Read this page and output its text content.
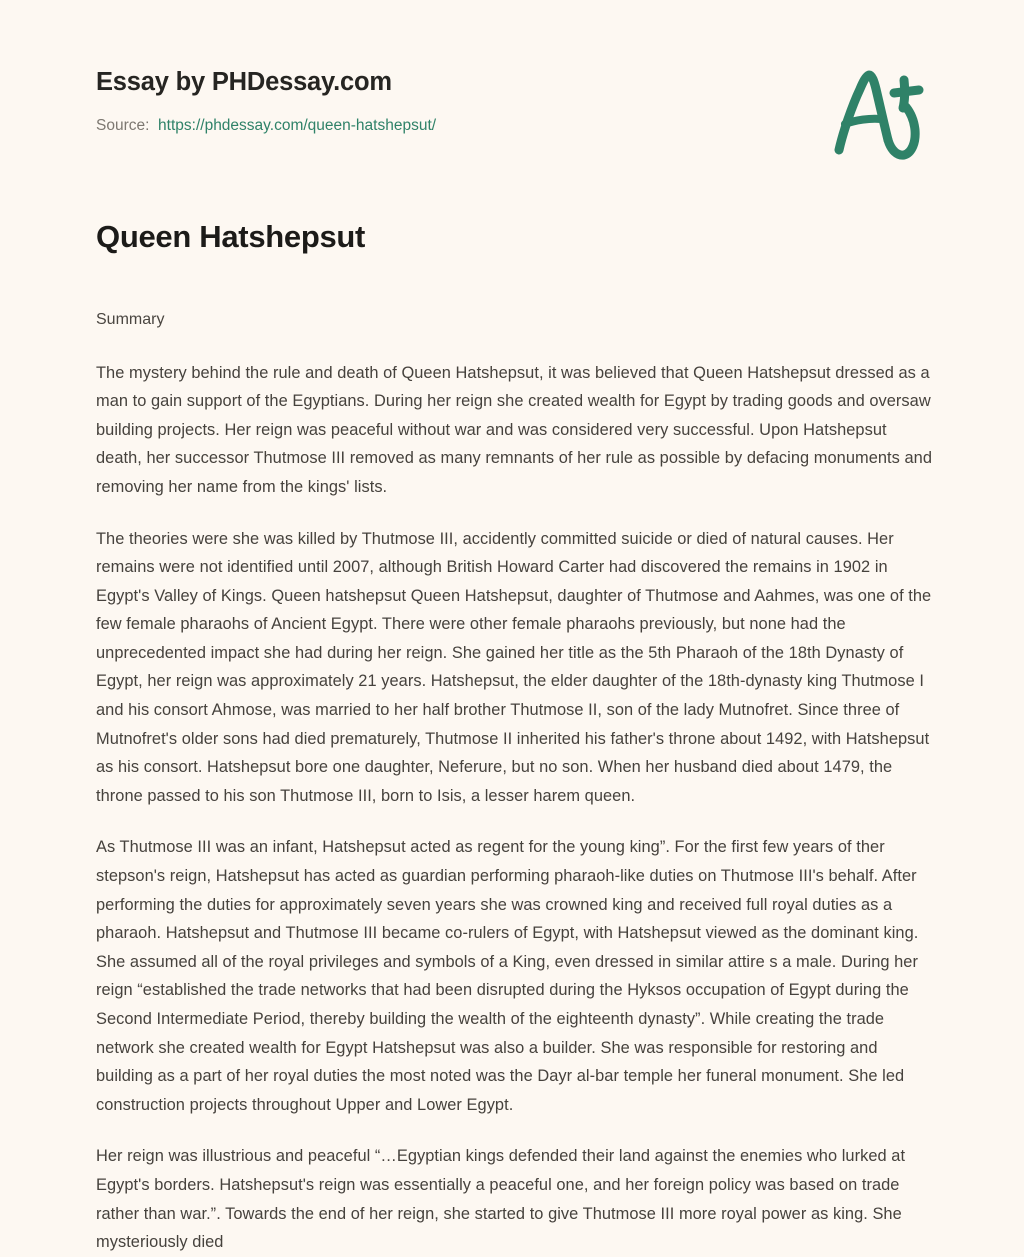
Essay by PHDessay.com
Source: https://phdessay.com/queen-hatshepsut/
Queen Hatshepsut
Summary

The mystery behind the rule and death of Queen Hatshepsut, it was believed that Queen Hatshepsut dressed as a man to gain support of the Egyptians. During her reign she created wealth for Egypt by trading goods and oversaw building projects. Her reign was peaceful without war and was considered very successful. Upon Hatshepsut death, her successor Thutmose III removed as many remnants of her rule as possible by defacing monuments and removing her name from the kings' lists.

The theories were she was killed by Thutmose III, accidently committed suicide or died of natural causes. Her remains were not identified until 2007, although British Howard Carter had discovered the remains in 1902 in Egypt's Valley of Kings. Queen hatshepsut Queen Hatshepsut, daughter of Thutmose and Aahmes, was one of the few female pharaohs of Ancient Egypt. There were other female pharaohs previously, but none had the unprecedented impact she had during her reign. She gained her title as the 5th Pharaoh of the 18th Dynasty of Egypt, her reign was approximately 21 years. Hatshepsut, the elder daughter of the 18th-dynasty king Thutmose I and his consort Ahmose, was married to her half brother Thutmose II, son of the lady Mutnofret. Since three of Mutnofret's older sons had died prematurely, Thutmose II inherited his father's throne about 1492, with Hatshepsut as his consort. Hatshepsut bore one daughter, Neferure, but no son. When her husband died about 1479, the throne passed to his son Thutmose III, born to Isis, a lesser harem queen.

As Thutmose III was an infant, Hatshepsut acted as regent for the young king”. For the first few years of ther stepson's reign, Hatshepsut has acted as guardian performing pharaoh-like duties on Thutmose III's behalf. After performing the duties for approximately seven years she was crowned king and received full royal duties as a pharaoh. Hatshepsut and Thutmose III became co-rulers of Egypt, with Hatshepsut viewed as the dominant king. She assumed all of the royal privileges and symbols of a King, even dressed in similar attire s a male. During her reign “established the trade networks that had been disrupted during the Hyksos occupation of Egypt during the Second Intermediate Period, thereby building the wealth of the eighteenth dynasty”. While creating the trade network she created wealth for Egypt Hatshepsut was also a builder. She was responsible for restoring and building as a part of her royal duties the most noted was the Dayr al-bar temple her funeral monument. She led construction projects throughout Upper and Lower Egypt.

Her reign was illustrious and peaceful “…Egyptian kings defended their land against the enemies who lurked at Egypt's borders. Hatshepsut's reign was essentially a peaceful one, and her foreign policy was based on trade rather than war.”. Towards the end of her reign, she started to give Thutmose III more royal power as king. She mysteriously died
